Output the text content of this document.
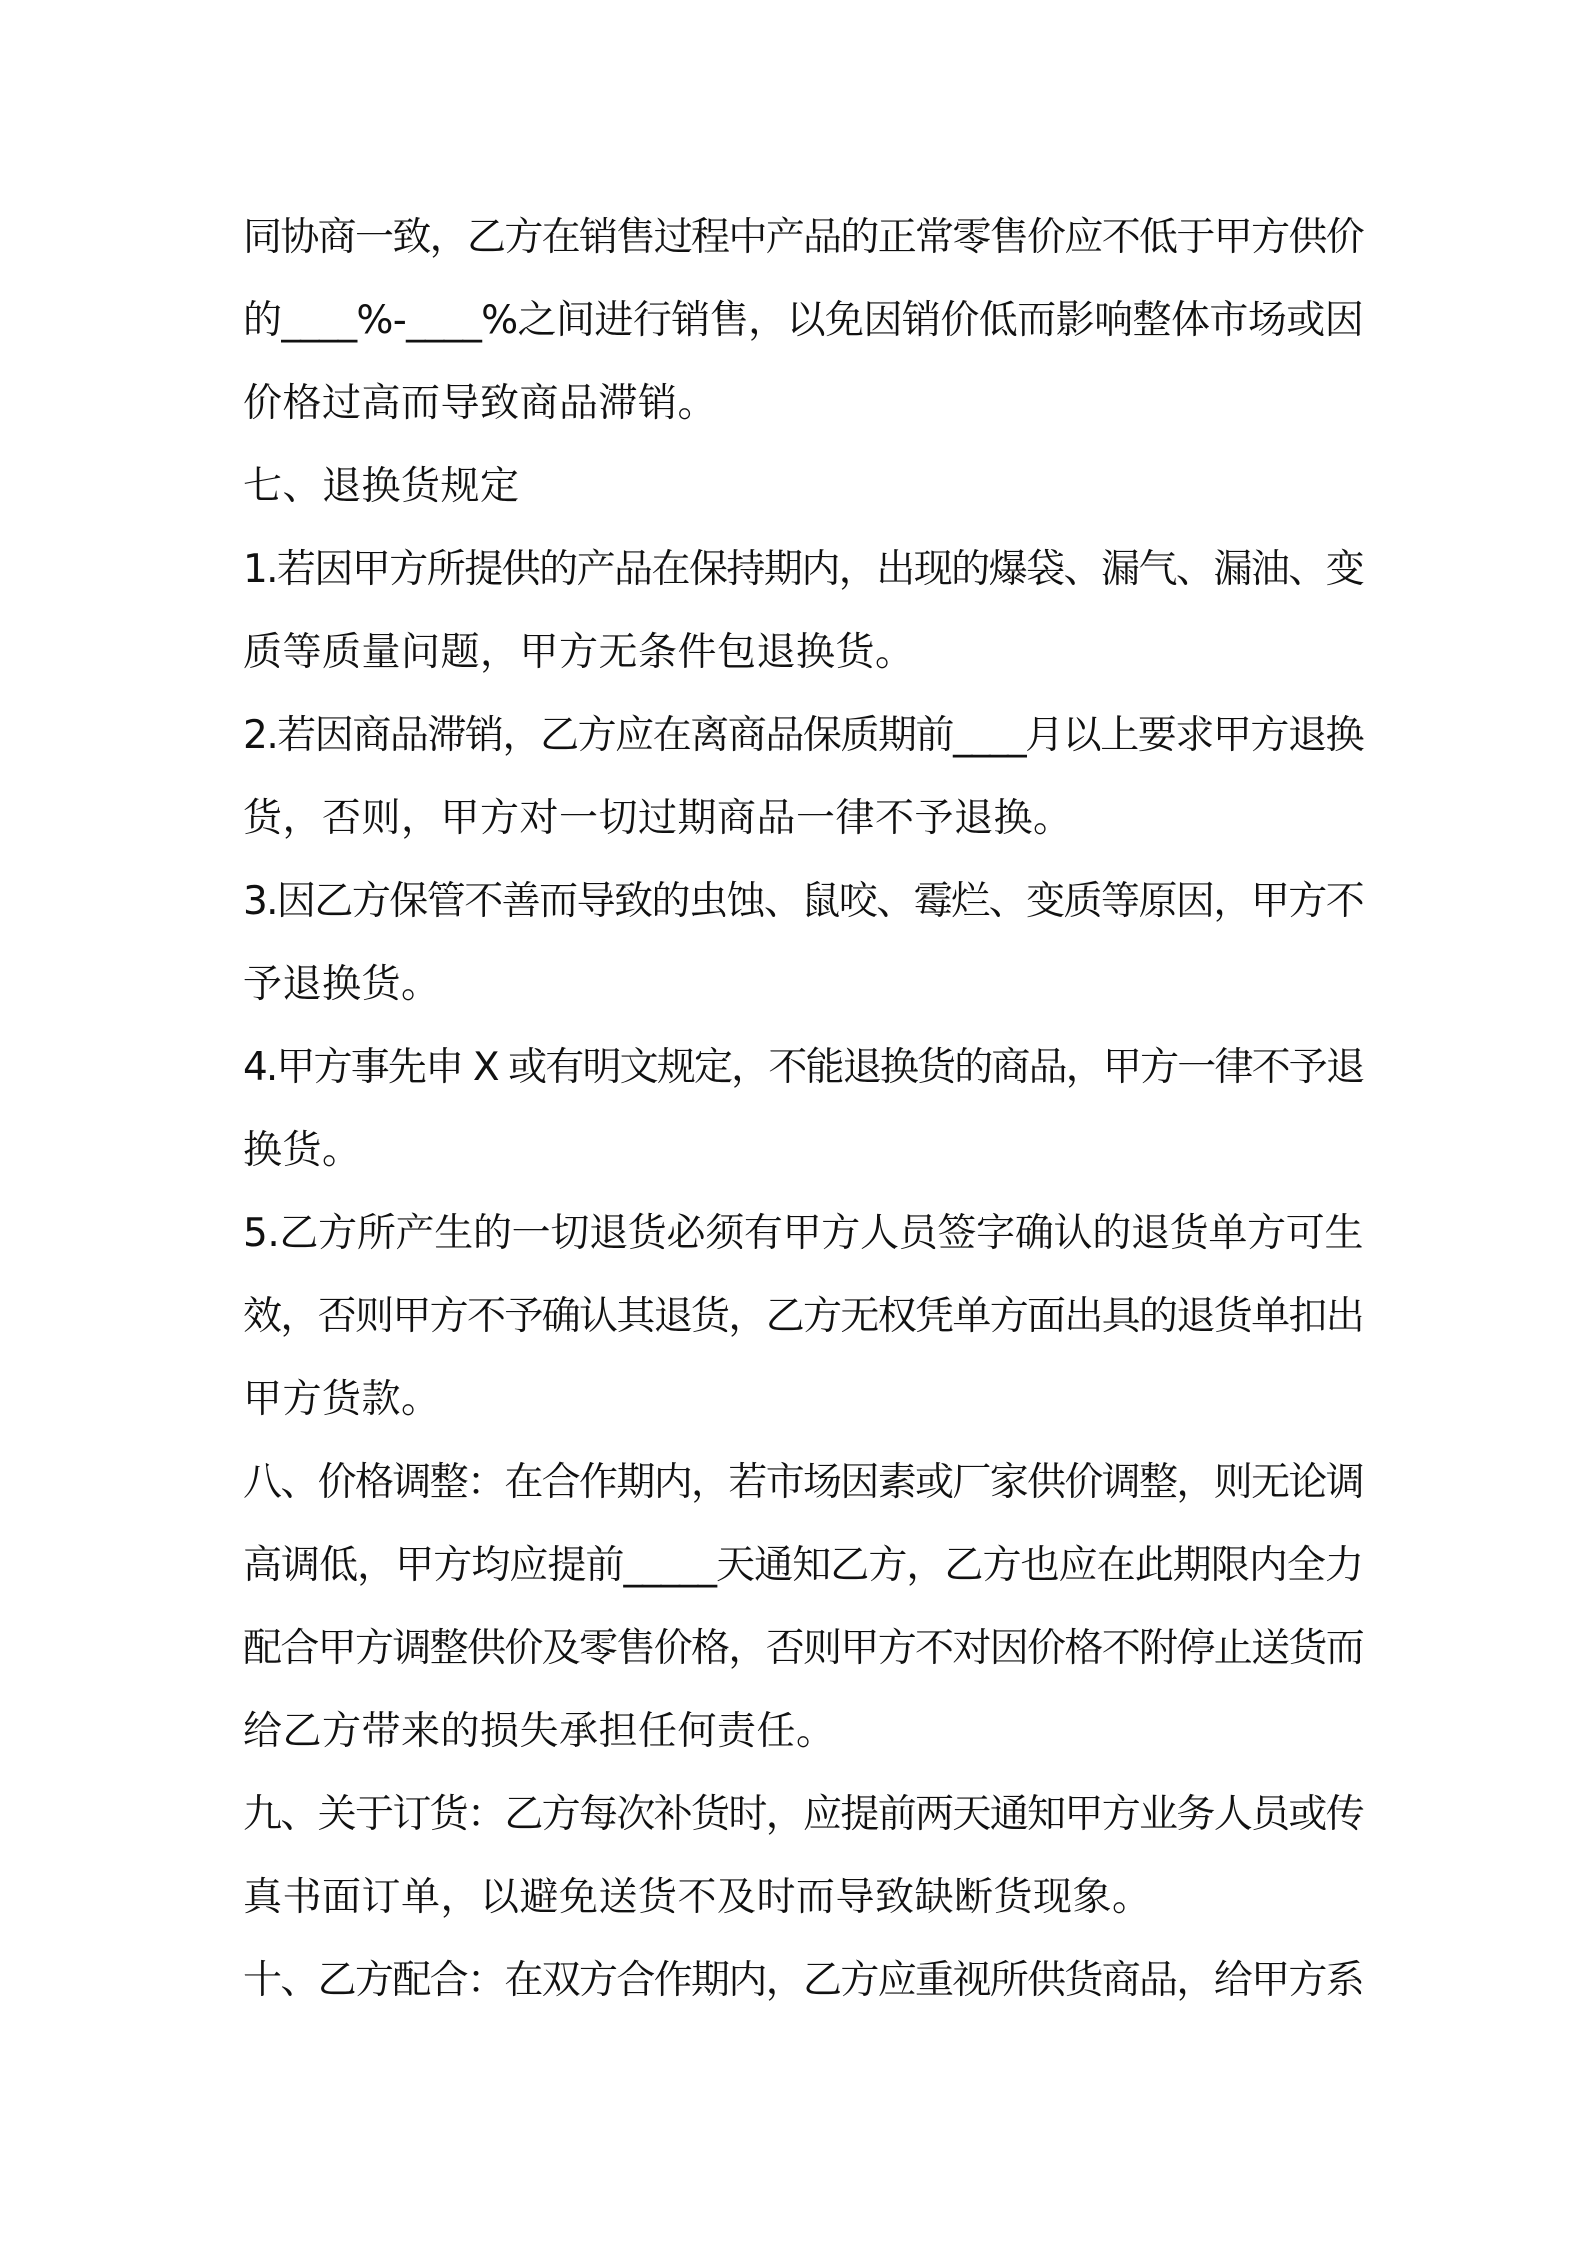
同协商一致，乙方在销售过程中产品的正常零售价应不低于甲方供价
的____%-____%之间进行销售，以免因销价低而影响整体市场或因
价格过高而导致商品滞销。
七、退换货规定
1.若因甲方所提供的产品在保持期内，出现的爆袋、漏气、漏油、变
质等质量问题，甲方无条件包退换货。
2.若因商品滞销，乙方应在离商品保质期前____月以上要求甲方退换
货，否则，甲方对一切过期商品一律不予退换。
3.因乙方保管不善而导致的虫蚀、鼠咬、霉烂、变质等原因，甲方不
予退换货。
4.甲方事先申 X 或有明文规定，不能退换货的商品，甲方一律不予退
换货。
5.乙方所产生的一切退货必须有甲方人员签字确认的退货单方可生
效，否则甲方不予确认其退货，乙方无权凭单方面出具的退货单扣出
甲方货款。
八、价格调整：在合作期内，若市场因素或厂家供价调整，则无论调
高调低，甲方均应提前_____天通知乙方，乙方也应在此期限内全力
配合甲方调整供价及零售价格，否则甲方不对因价格不附停止送货而
给乙方带来的损失承担任何责任。
九、关于订货：乙方每次补货时，应提前两天通知甲方业务人员或传
真书面订单，以避免送货不及时而导致缺断货现象。
十、乙方配合：在双方合作期内，乙方应重视所供货商品，给甲方系
